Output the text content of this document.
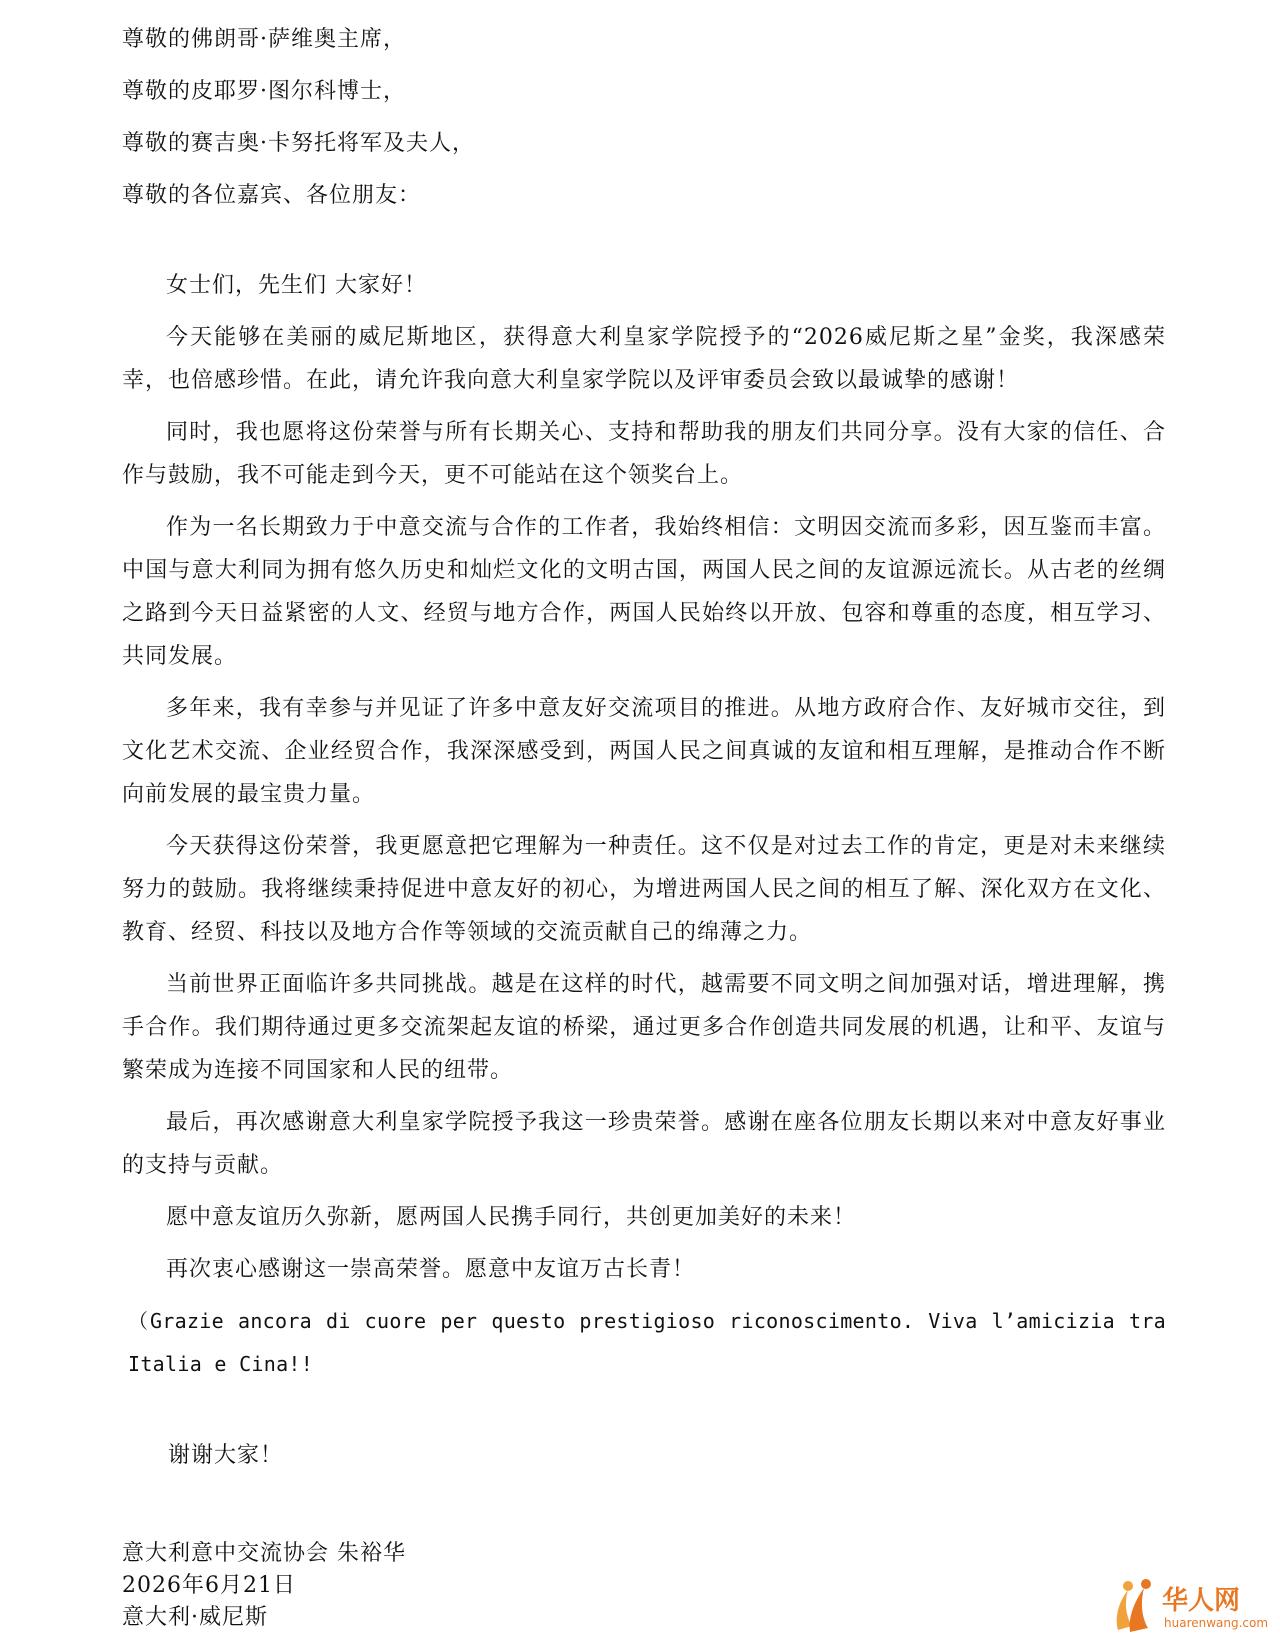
尊敬的佛朗哥·萨维奥主席，
尊敬的皮耶罗·图尔科博士，
尊敬的赛吉奥·卡努托将军及夫人，
尊敬的各位嘉宾、各位朋友：

女士们，先生们 大家好！

今天能够在美丽的威尼斯地区，获得意大利皇家学院授予的“2026威尼斯之星”金奖，我深感荣幸，也倍感珍惜。在此，请允许我向意大利皇家学院以及评审委员会致以最诚挚的感谢！

同时，我也愿将这份荣誉与所有长期关心、支持和帮助我的朋友们共同分享。没有大家的信任、合作与鼓励，我不可能走到今天，更不可能站在这个领奖台上。

作为一名长期致力于中意交流与合作的工作者，我始终相信：文明因交流而多彩，因互鉴而丰富。中国与意大利同为拥有悠久历史和灿烂文化的文明古国，两国人民之间的友谊源远流长。从古老的丝绸之路到今天日益紧密的人文、经贸与地方合作，两国人民始终以开放、包容和尊重的态度，相互学习、共同发展。

多年来，我有幸参与并见证了许多中意友好交流项目的推进。从地方政府合作、友好城市交往，到文化艺术交流、企业经贸合作，我深深感受到，两国人民之间真诚的友谊和相互理解，是推动合作不断向前发展的最宝贵力量。

今天获得这份荣誉，我更愿意把它理解为一种责任。这不仅是对过去工作的肯定，更是对未来继续努力的鼓励。我将继续秉持促进中意友好的初心，为增进两国人民之间的相互了解、深化双方在文化、教育、经贸、科技以及地方合作等领域的交流贡献自己的绵薄之力。

当前世界正面临许多共同挑战。越是在这样的时代，越需要不同文明之间加强对话，增进理解，携手合作。我们期待通过更多交流架起友谊的桥梁，通过更多合作创造共同发展的机遇，让和平、友谊与繁荣成为连接不同国家和人民的纽带。

最后，再次感谢意大利皇家学院授予我这一珍贵荣誉。感谢在座各位朋友长期以来对中意友好事业的支持与贡献。

愿中意友谊历久弥新，愿两国人民携手同行，共创更加美好的未来！

再次衷心感谢这一崇高荣誉。愿意中友谊万古长青！

（Grazie ancora di cuore per questo prestigioso riconoscimento. Viva l’amicizia tra Italia e Cina!!

谢谢大家！
意大利意中交流协会 朱裕华
2026年6月21日
意大利·威尼斯
华人网
huarenwang.com
